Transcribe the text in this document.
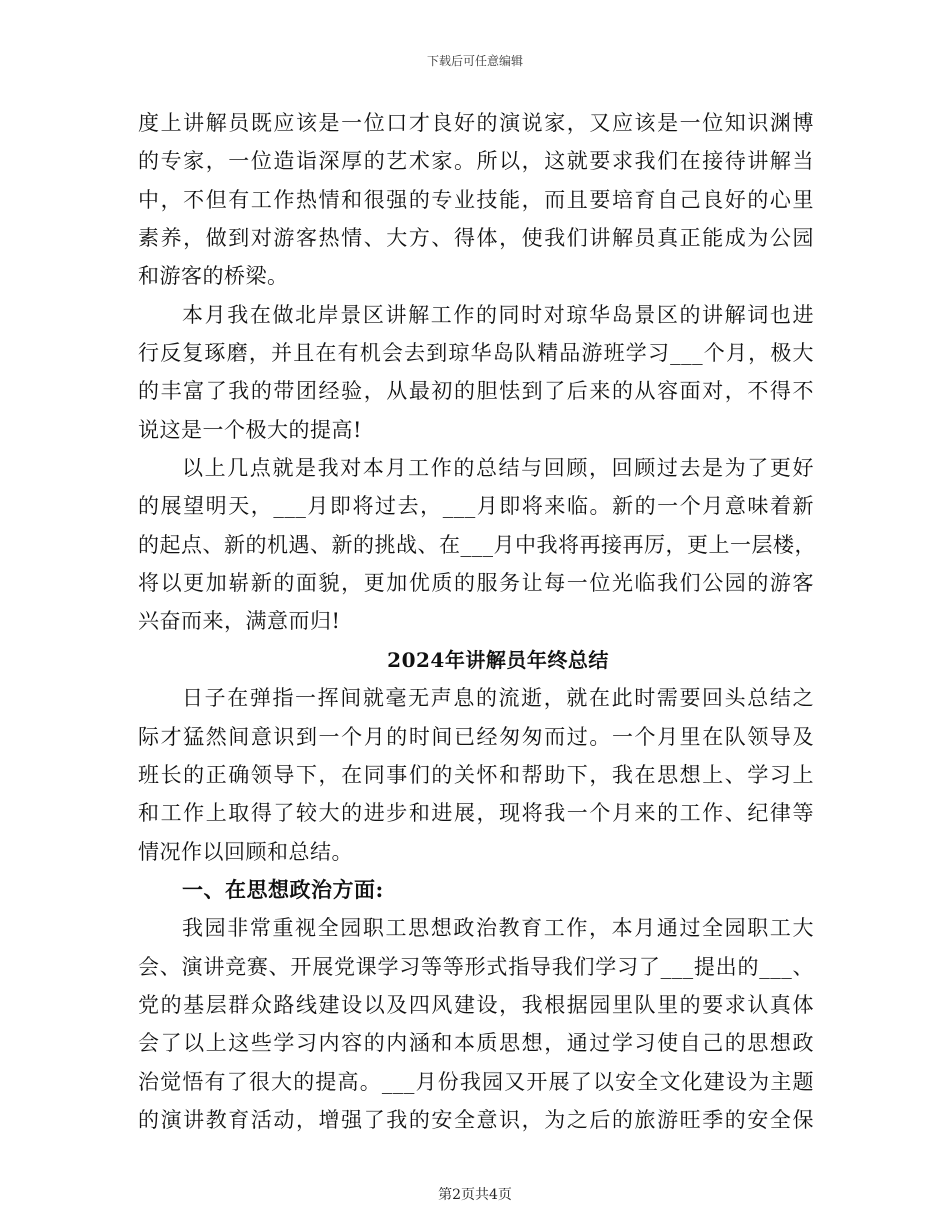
下载后可任意编辑
度上讲解员既应该是一位口才良好的演说家，又应该是一位知识渊博
的专家，一位造诣深厚的艺术家。所以，这就要求我们在接待讲解当
中，不但有工作热情和很强的专业技能，而且要培育自己良好的心里
素养，做到对游客热情、大方、得体，使我们讲解员真正能成为公园
和游客的桥梁。
本月我在做北岸景区讲解工作的同时对琼华岛景区的讲解词也进
行反复琢磨，并且在有机会去到琼华岛队精品游班学习___个月，极大
的丰富了我的带团经验，从最初的胆怯到了后来的从容面对，不得不
说这是一个极大的提高!
以上几点就是我对本月工作的总结与回顾，回顾过去是为了更好
的展望明天，___月即将过去，___月即将来临。新的一个月意味着新
的起点、新的机遇、新的挑战、在___月中我将再接再厉，更上一层楼，
将以更加崭新的面貌，更加优质的服务让每一位光临我们公园的游客
兴奋而来，满意而归!
2024年讲解员年终总结
日子在弹指一挥间就毫无声息的流逝，就在此时需要回头总结之
际才猛然间意识到一个月的时间已经匆匆而过。一个月里在队领导及
班长的正确领导下，在同事们的关怀和帮助下，我在思想上、学习上
和工作上取得了较大的进步和进展，现将我一个月来的工作、纪律等
情况作以回顾和总结。
一、在思想政治方面:
我园非常重视全园职工思想政治教育工作，本月通过全园职工大
会、演讲竞赛、开展党课学习等等形式指导我们学习了___提出的___、
党的基层群众路线建设以及四风建设，我根据园里队里的要求认真体
会了以上这些学习内容的内涵和本质思想，通过学习使自己的思想政
治觉悟有了很大的提高。___月份我园又开展了以安全文化建设为主题
的演讲教育活动，增强了我的安全意识，为之后的旅游旺季的安全保
第2页共4页
